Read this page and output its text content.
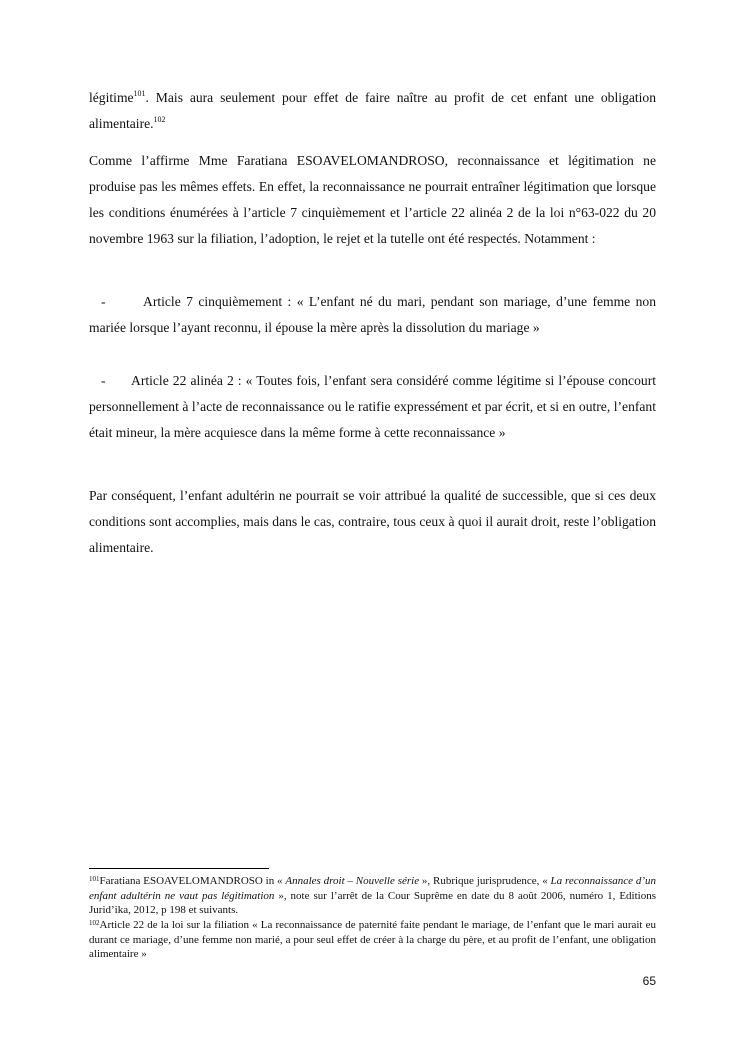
légitime$^{101}$. Mais aura seulement pour effet de faire naître au profit de cet enfant une obligation alimentaire.$^{102}$

Comme l’affirme Mme Faratiana ESOAVELOMANDROSO, reconnaissance et légitimation ne produise pas les mêmes effets. En effet, la reconnaissance ne pourrait entraîner légitimation que lorsque les conditions énumérées à l’article 7 cinquièmement et l’article 22 alinéa 2 de la loi n°63-022 du 20 novembre 1963 sur la filiation, l’adoption, le rejet et la tutelle ont été respectés. Notamment :

-	Article 7 cinquièmement : « L’enfant né du mari, pendant son mariage, d’une femme non mariée lorsque l’ayant reconnu, il épouse la mère après la dissolution du mariage »

- Article 22 alinéa 2 : « Toutes fois, l’enfant sera considéré comme légitime si l’épouse concourt personnellement à l’acte de reconnaissance ou le ratifie expressément et par écrit, et si en outre, l’enfant était mineur, la mère acquiesce dans la même forme à cette reconnaissance »

Par conséquent, l’enfant adultérin ne pourrait se voir attribué la qualité de successible, que si ces deux conditions sont accomplies, mais dans le cas, contraire, tous ceux à quoi il aurait droit, reste l’obligation alimentaire.

$^{101}$Faratiana ESOAVELOMANDROSO in « Annales droit – Nouvelle série », Rubrique jurisprudence, « La reconnaissance d’un enfant adultérin ne vaut pas légitimation », note sur l’arrêt de la Cour Suprême en date du 8 août 2006, numéro 1, Editions Jurid’ika, 2012, p 198 et suivants.
$^{102}$Article 22 de la loi sur la filiation « La reconnaissance de paternité faite pendant le mariage, de l’enfant que le mari aurait eu durant ce mariage, d’une femme non marié, a pour seul effet de créer à la charge du père, et au profit de l’enfant, une obligation alimentaire »
65
